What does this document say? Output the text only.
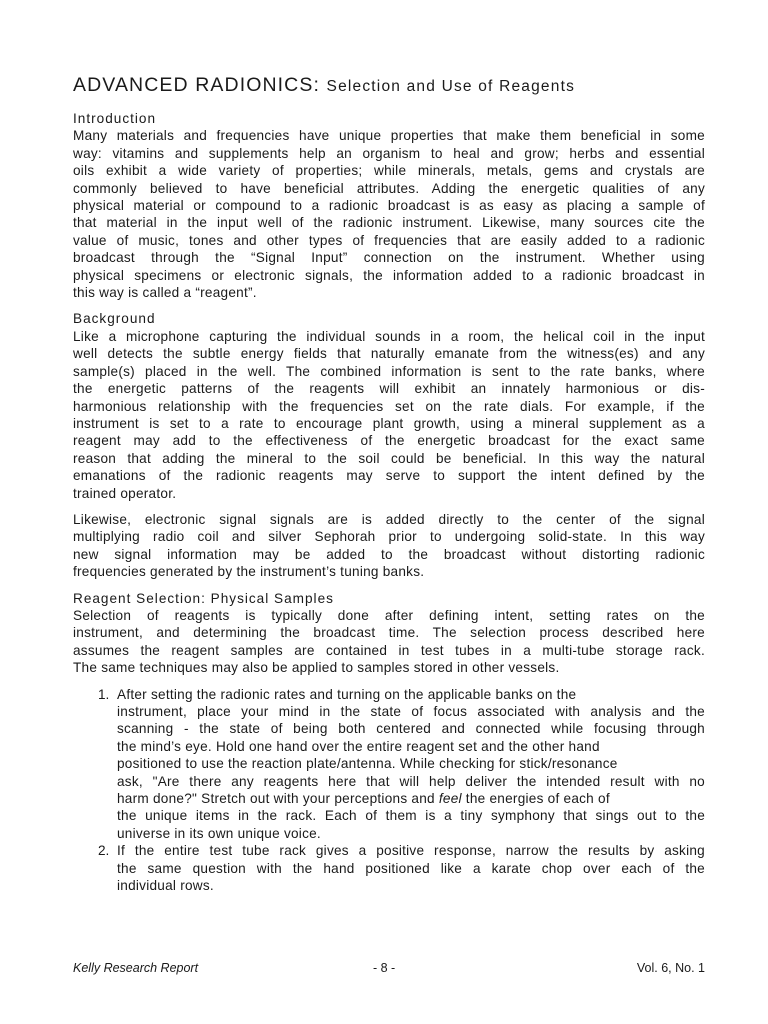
ADVANCED RADIONICS: Selection and Use of Reagents
Introduction
Many materials and frequencies have unique properties that make them beneficial in some
way: vitamins and supplements help an organism to heal and grow; herbs and essential
oils exhibit a wide variety of properties; while minerals, metals, gems and crystals are
commonly believed to have beneficial attributes. Adding the energetic qualities of any
physical material or compound to a radionic broadcast is as easy as placing a sample of
that material in the input well of the radionic instrument. Likewise, many sources cite the
value of music, tones and other types of frequencies that are easily added to a radionic
broadcast through the “Signal Input” connection on the instrument. Whether using
physical specimens or electronic signals, the information added to a radionic broadcast in
this way is called a “reagent”.
Background
Like a microphone capturing the individual sounds in a room, the helical coil in the input
well detects the subtle energy fields that naturally emanate from the witness(es) and any
sample(s) placed in the well. The combined information is sent to the rate banks, where
the energetic patterns of the reagents will exhibit an innately harmonious or dis-
harmonious relationship with the frequencies set on the rate dials. For example, if the
instrument is set to a rate to encourage plant growth, using a mineral supplement as a
reagent may add to the effectiveness of the energetic broadcast for the exact same
reason that adding the mineral to the soil could be beneficial. In this way the natural
emanations of the radionic reagents may serve to support the intent defined by the
trained operator.
Likewise, electronic signal signals are is added directly to the center of the signal
multiplying radio coil and silver Sephorah prior to undergoing solid-state. In this way
new signal information may be added to the broadcast without distorting radionic
frequencies generated by the instrument’s tuning banks.
Reagent Selection: Physical Samples
Selection of reagents is typically done after defining intent, setting rates on the
instrument, and determining the broadcast time. The selection process described here
assumes the reagent samples are contained in test tubes in a multi-tube storage rack.
The same techniques may also be applied to samples stored in other vessels.
1. After setting the radionic rates and turning on the applicable banks on the
instrument, place your mind in the state of focus associated with analysis and the
scanning - the state of being both centered and connected while focusing through
the mind’s eye. Hold one hand over the entire reagent set and the other hand
positioned to use the reaction plate/antenna. While checking for stick/resonance
ask, "Are there any reagents here that will help deliver the intended result with no
harm done?" Stretch out with your perceptions and feel the energies of each of
the unique items in the rack. Each of them is a tiny symphony that sings out to the
universe in its own unique voice.
2. If the entire test tube rack gives a positive response, narrow the results by asking
the same question with the hand positioned like a karate chop over each of the
individual rows.
Kelly Research Report	- 8 -	Vol. 6, No. 1
